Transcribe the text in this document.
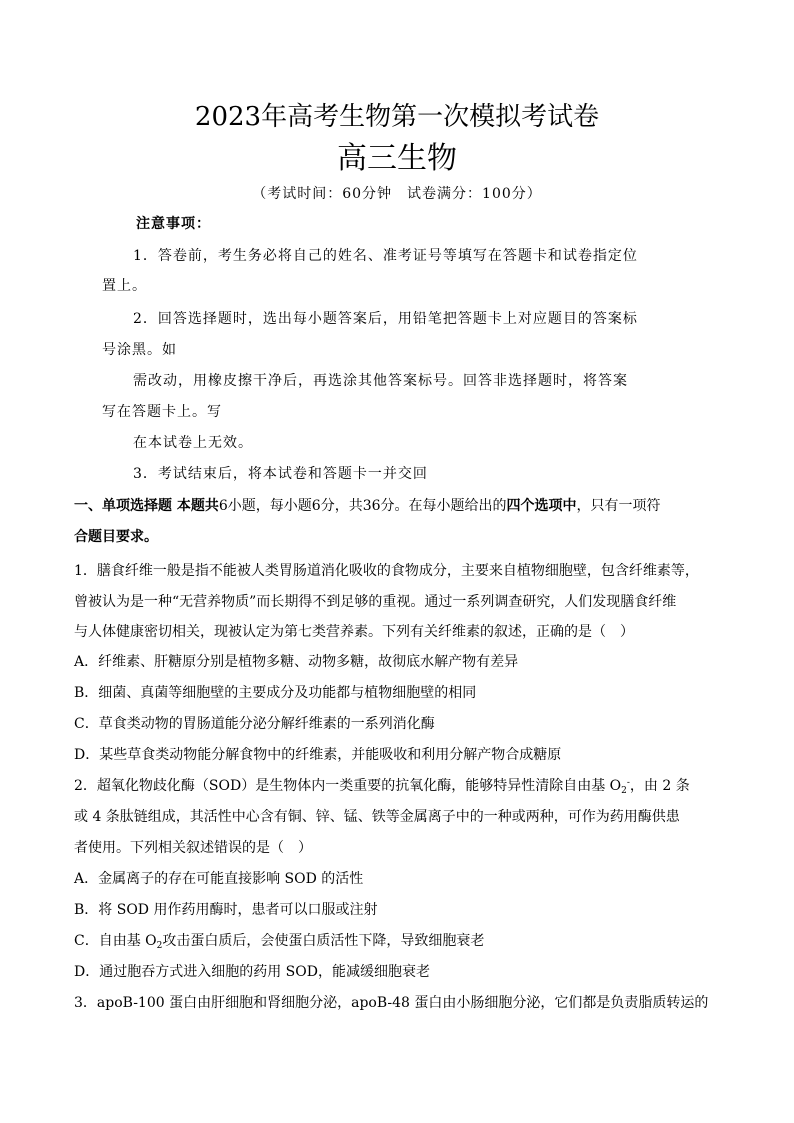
2023年高考生物第一次模拟考试卷
高三生物
（考试时间：60分钟　试卷满分：100分）
注意事项：
1．答卷前，考生务必将自己的姓名、准考证号等填写在答题卡和试卷指定位
置上。
2．回答选择题时，选出每小题答案后，用铅笔把答题卡上对应题目的答案标
号涂黑。如
需改动，用橡皮擦干净后，再选涂其他答案标号。回答非选择题时，将答案
写在答题卡上。写
在本试卷上无效。
3．考试结束后，将本试卷和答题卡一并交回
一、单项选择题 本题共6小题，每小题6分，共36分。在每小题给出的四个选项中，只有一项符
合题目要求。
1．膳食纤维一般是指不能被人类胃肠道消化吸收的食物成分，主要来自植物细胞壁，包含纤维素等，
曾被认为是一种“无营养物质”而长期得不到足够的重视。通过一系列调查研究，人们发现膳食纤维
与人体健康密切相关，现被认定为第七类营养素。下列有关纤维素的叙述，正确的是（　）
A．纤维素、肝糖原分别是植物多糖、动物多糖，故彻底水解产物有差异
B．细菌、真菌等细胞壁的主要成分及功能都与植物细胞壁的相同
C．草食类动物的胃肠道能分泌分解纤维素的一系列消化酶
D．某些草食类动物能分解食物中的纤维素，并能吸收和利用分解产物合成糖原
2．超氧化物歧化酶（SOD）是生物体内一类重要的抗氧化酶，能够特异性清除自由基 $O_2^-$，由 2 条
或 4 条肽链组成，其活性中心含有铜、锌、锰、铁等金属离子中的一种或两种，可作为药用酶供患
者使用。下列相关叙述错误的是（　）
A．金属离子的存在可能直接影响 SOD 的活性
B．将 SOD 用作药用酶时，患者可以口服或注射
C．自由基 $O_2$攻击蛋白质后，会使蛋白质活性下降，导致细胞衰老
D．通过胞吞方式进入细胞的药用 SOD，能减缓细胞衰老
3．apoB-100 蛋白由肝细胞和肾细胞分泌，apoB-48 蛋白由小肠细胞分泌，它们都是负责脂质转运的
